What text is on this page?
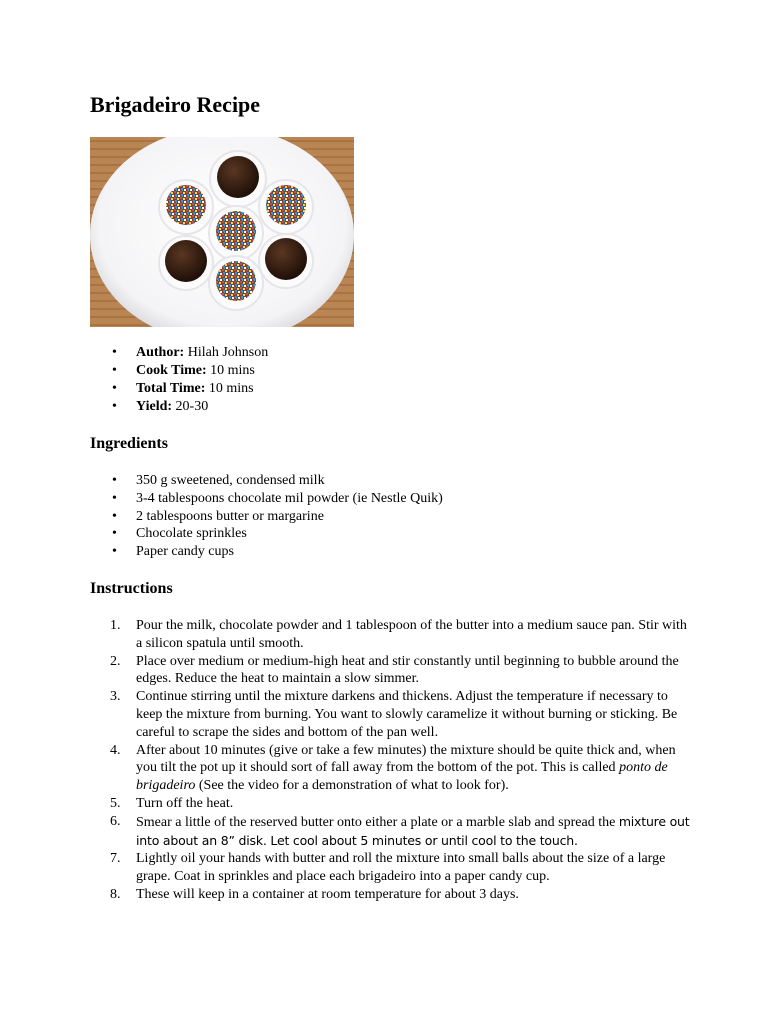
Brigadeiro Recipe
• Author: Hilah Johnson
• Cook Time: 10 mins
• Total Time: 10 mins
• Yield: 20-30
Ingredients
• 350 g sweetened, condensed milk
• 3-4 tablespoons chocolate mil powder (ie Nestle Quik)
• 2 tablespoons butter or margarine
• Chocolate sprinkles
• Paper candy cups
Instructions
1.	Pour the milk, chocolate powder and 1 tablespoon of the butter into a medium sauce pan. Stir with a silicon spatula until smooth.
2.	Place over medium or medium-high heat and stir constantly until beginning to bubble around the edges. Reduce the heat to maintain a slow simmer.
3.	Continue stirring until the mixture darkens and thickens. Adjust the temperature if necessary to keep the mixture from burning. You want to slowly caramelize it without burning or sticking. Be careful to scrape the sides and bottom of the pan well.
4.	After about 10 minutes (give or take a few minutes) the mixture should be quite thick and, when you tilt the pot up it should sort of fall away from the bottom of the pot. This is called ponto de brigadeiro (See the video for a demonstration of what to look for).
5.	Turn off the heat.
6.	Smear a little of the reserved butter onto either a plate or a marble slab and spread the mixture out into about an 8” disk. Let cool about 5 minutes or until cool to the touch.
7.	Lightly oil your hands with butter and roll the mixture into small balls about the size of a large grape. Coat in sprinkles and place each brigadeiro into a paper candy cup.
8.	These will keep in a container at room temperature for about 3 days.
